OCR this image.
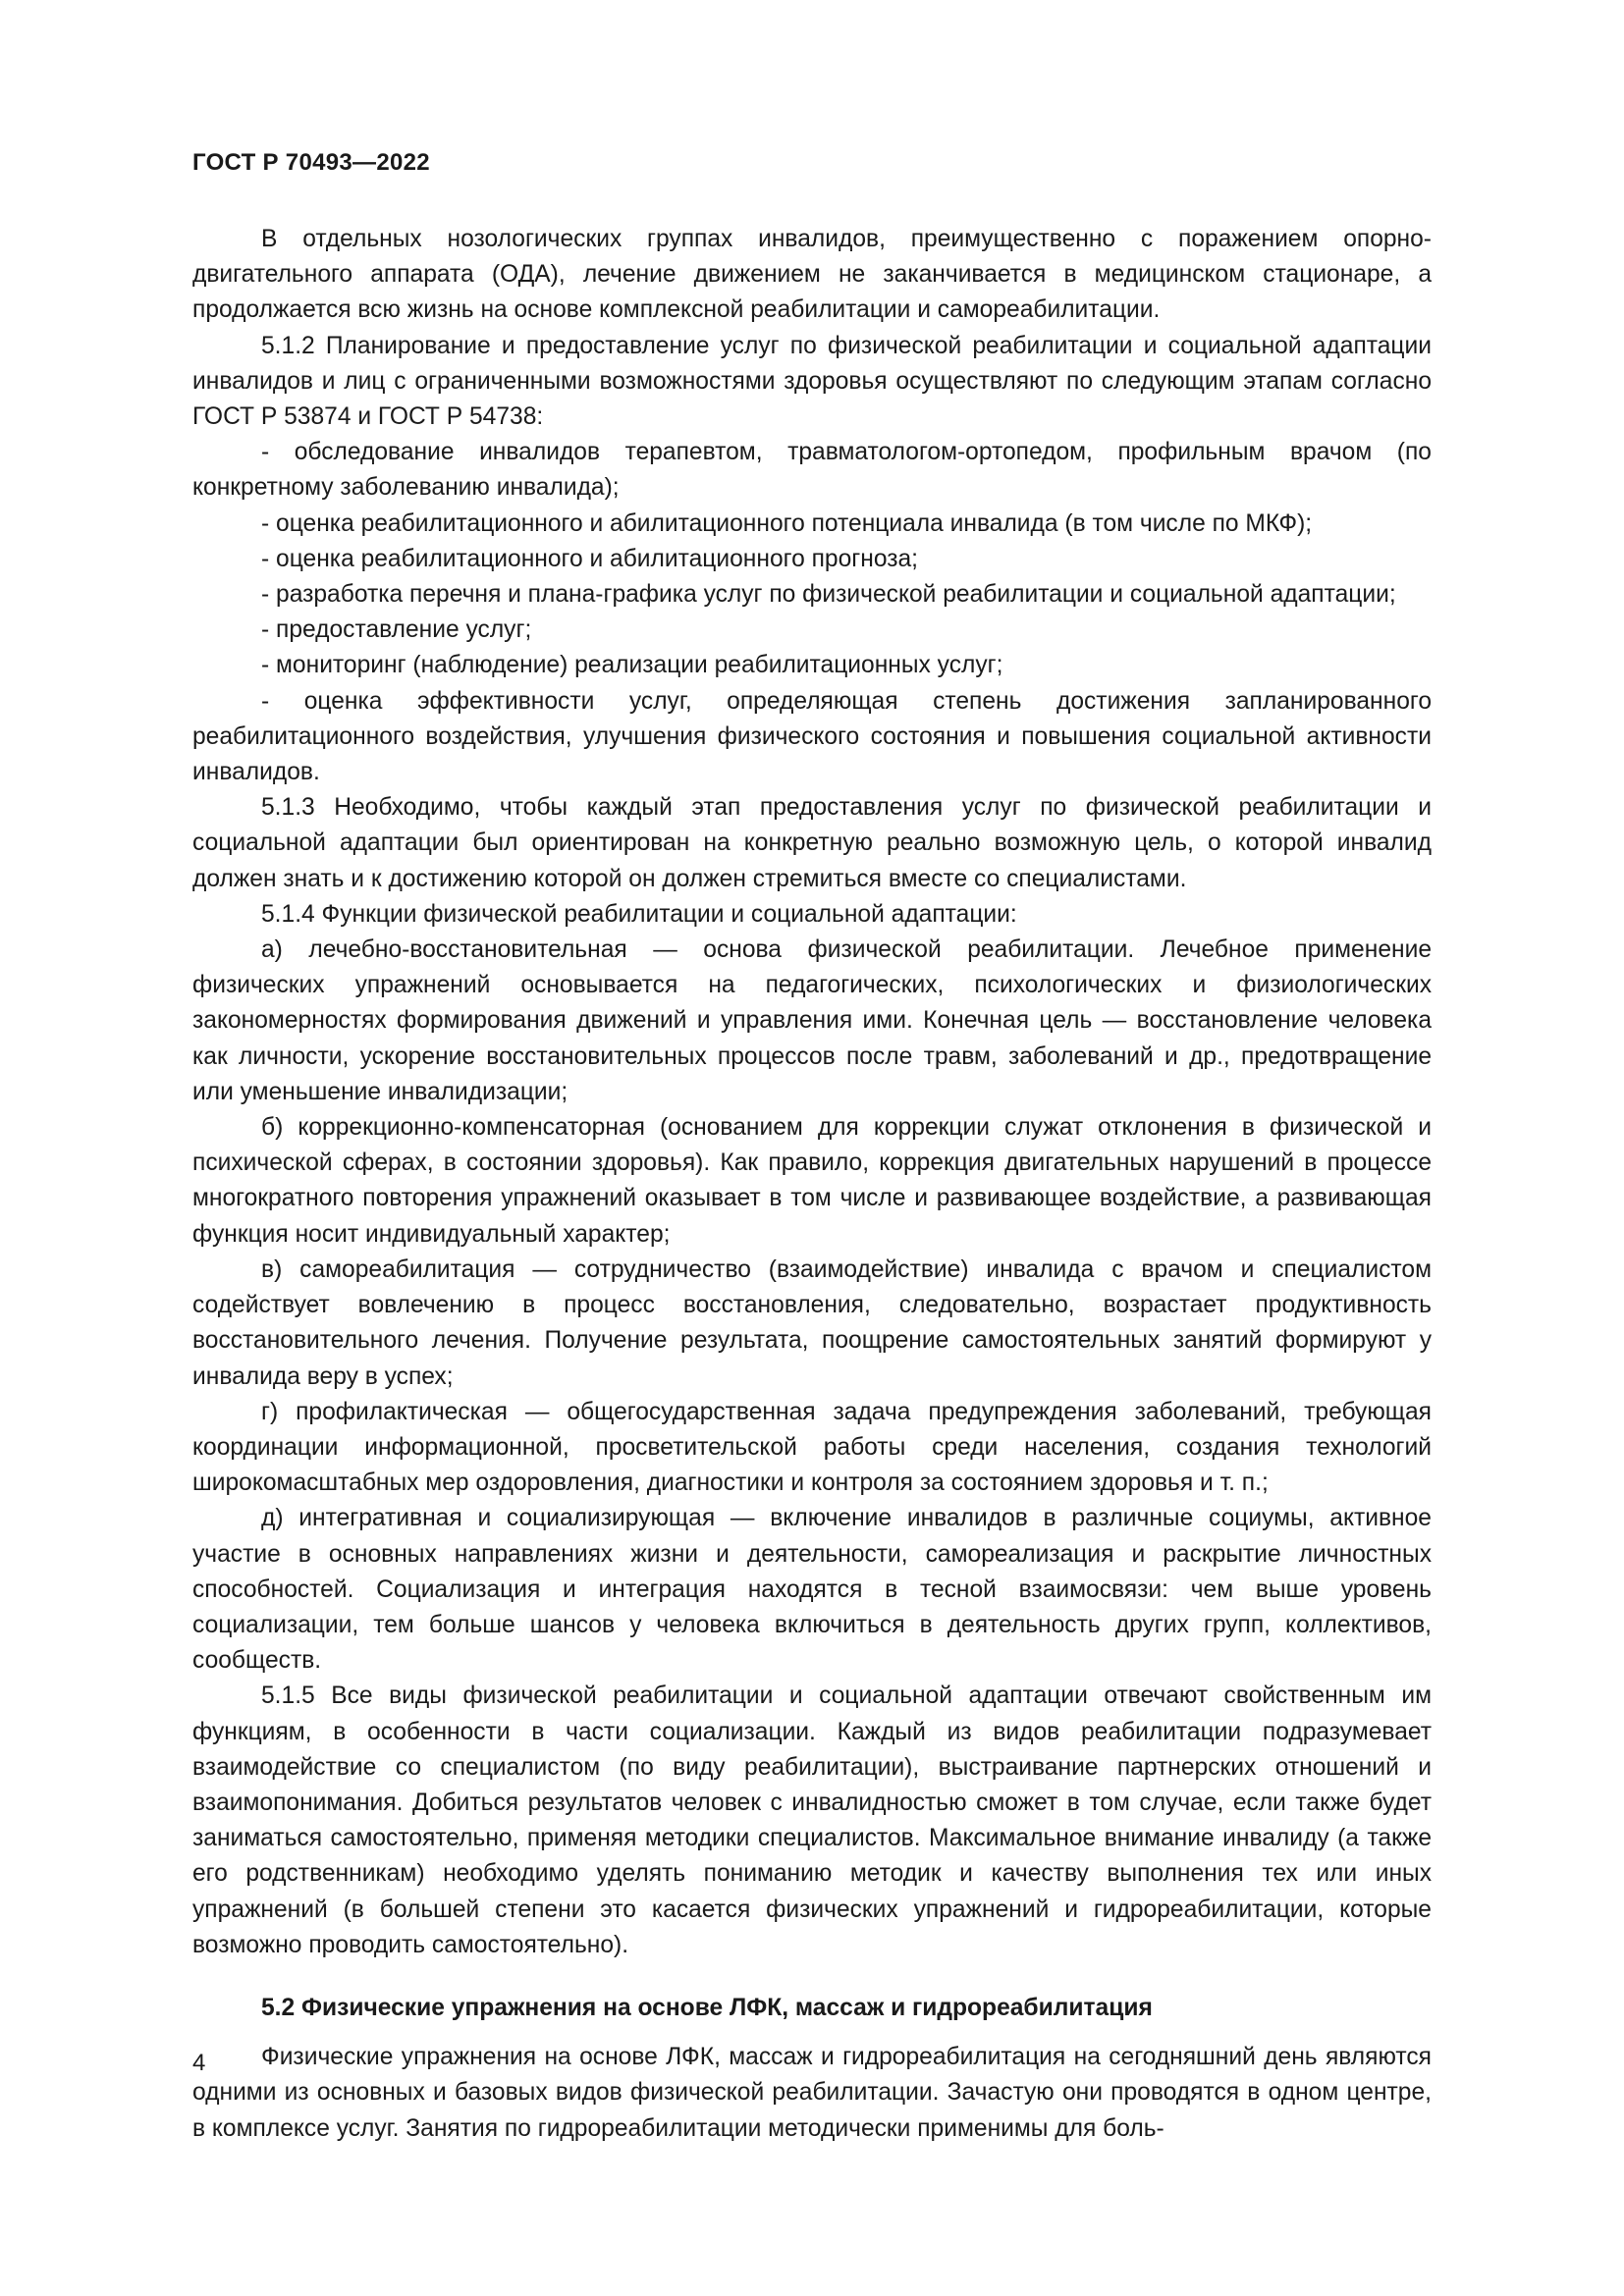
ГОСТ Р 70493—2022

В отдельных нозологических группах инвалидов, преимущественно с поражением опорно-двигательного аппарата (ОДА), лечение движением не заканчивается в медицинском стационаре, а продолжается всю жизнь на основе комплексной реабилитации и самореабилитации.

5.1.2 Планирование и предоставление услуг по физической реабилитации и социальной адаптации инвалидов и лиц с ограниченными возможностями здоровья осуществляют по следующим этапам согласно ГОСТ Р 53874 и ГОСТ Р 54738:

- обследование инвалидов терапевтом, травматологом-ортопедом, профильным врачом (по конкретному заболеванию инвалида);

- оценка реабилитационного и абилитационного потенциала инвалида (в том числе по МКФ);

- оценка реабилитационного и абилитационного прогноза;

- разработка перечня и плана-графика услуг по физической реабилитации и социальной адаптации;

- предоставление услуг;

- мониторинг (наблюдение) реализации реабилитационных услуг;

- оценка эффективности услуг, определяющая степень достижения запланированного реабилитационного воздействия, улучшения физического состояния и повышения социальной активности инвалидов.

5.1.3 Необходимо, чтобы каждый этап предоставления услуг по физической реабилитации и социальной адаптации был ориентирован на конкретную реально возможную цель, о которой инвалид должен знать и к достижению которой он должен стремиться вместе со специалистами.

5.1.4 Функции физической реабилитации и социальной адаптации:

а) лечебно-восстановительная — основа физической реабилитации. Лечебное применение физических упражнений основывается на педагогических, психологических и физиологических закономерностях формирования движений и управления ими. Конечная цель — восстановление человека как личности, ускорение восстановительных процессов после травм, заболеваний и др., предотвращение или уменьшение инвалидизации;

б) коррекционно-компенсаторная (основанием для коррекции служат отклонения в физической и психической сферах, в состоянии здоровья). Как правило, коррекция двигательных нарушений в процессе многократного повторения упражнений оказывает в том числе и развивающее воздействие, а развивающая функция носит индивидуальный характер;

в) самореабилитация — сотрудничество (взаимодействие) инвалида с врачом и специалистом содействует вовлечению в процесс восстановления, следовательно, возрастает продуктивность восстановительного лечения. Получение результата, поощрение самостоятельных занятий формируют у инвалида веру в успех;

г) профилактическая — общегосударственная задача предупреждения заболеваний, требующая координации информационной, просветительской работы среди населения, создания технологий широкомасштабных мер оздоровления, диагностики и контроля за состоянием здоровья и т. п.;

д) интегративная и социализирующая — включение инвалидов в различные социумы, активное участие в основных направлениях жизни и деятельности, самореализация и раскрытие личностных способностей. Социализация и интеграция находятся в тесной взаимосвязи: чем выше уровень социализации, тем больше шансов у человека включиться в деятельность других групп, коллективов, сообществ.

5.1.5 Все виды физической реабилитации и социальной адаптации отвечают свойственным им функциям, в особенности в части социализации. Каждый из видов реабилитации подразумевает взаимодействие со специалистом (по виду реабилитации), выстраивание партнерских отношений и взаимопонимания. Добиться результатов человек с инвалидностью сможет в том случае, если также будет заниматься самостоятельно, применяя методики специалистов. Максимальное внимание инвалиду (а также его родственникам) необходимо уделять пониманию методик и качеству выполнения тех или иных упражнений (в большей степени это касается физических упражнений и гидрореабилитации, которые возможно проводить самостоятельно).

5.2 Физические упражнения на основе ЛФК, массаж и гидрореабилитация

Физические упражнения на основе ЛФК, массаж и гидрореабилитация на сегодняшний день являются одними из основных и базовых видов физической реабилитации. Зачастую они проводятся в одном центре, в комплексе услуг. Занятия по гидрореабилитации методически применимы для боль-

4
